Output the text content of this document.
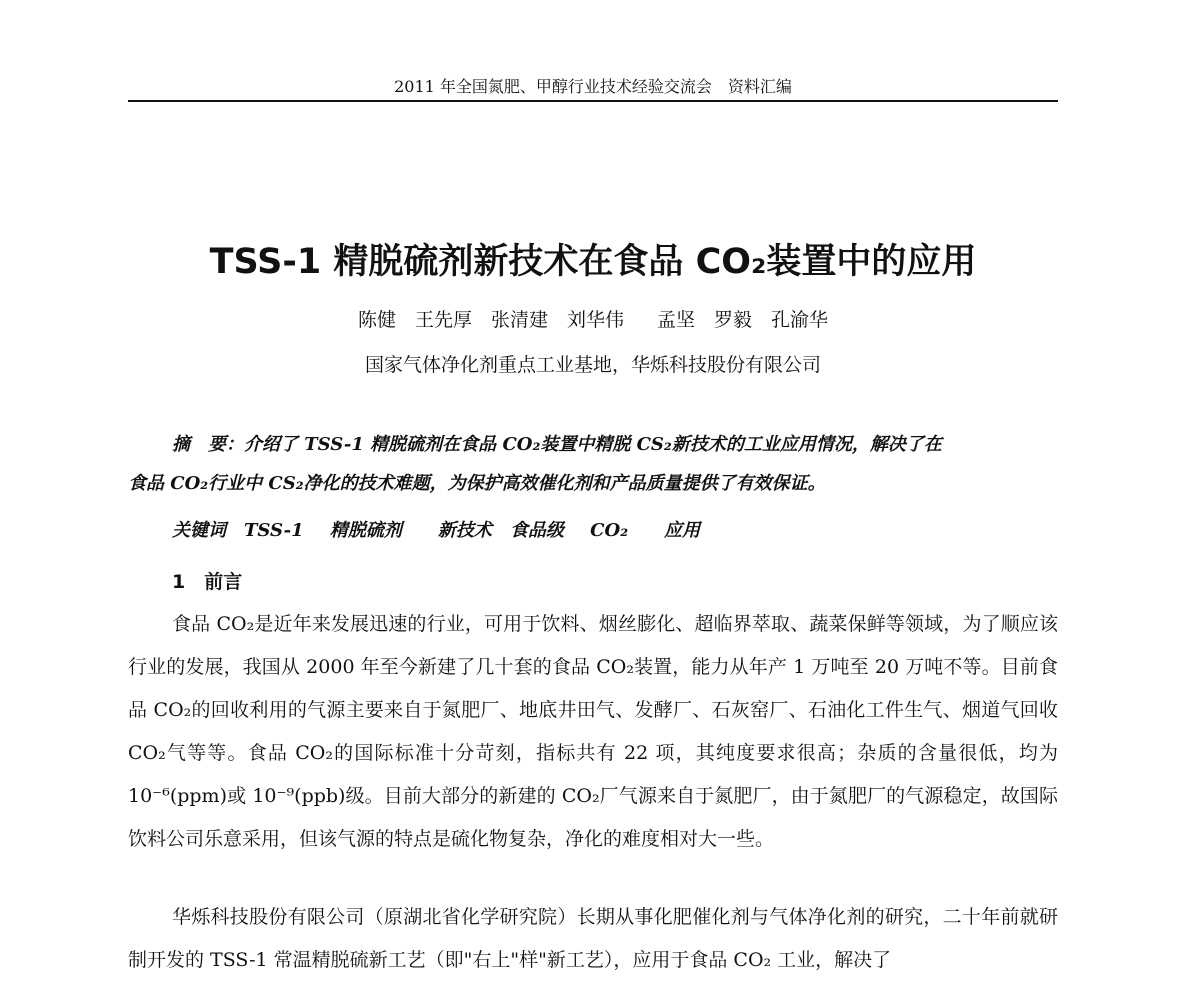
2011 年全国氮肥、甲醇行业技术经验交流会　资料汇编
TSS-1 精脱硫剂新技术在食品 CO₂装置中的应用
陈健　王先厚　张清建　刘华伟　 孟坚　罗毅　孔渝华
国家气体净化剂重点工业基地，华烁科技股份有限公司
摘　要：介绍了 TSS-1 精脱硫剂在食品 CO₂装置中精脱 CS₂新技术的工业应用情况，解决了在
食品 CO₂行业中 CS₂净化的技术难题，为保护高效催化剂和产品质量提供了有效保证。
关键词　TSS-1 精脱硫剂　　新技术　食品级 CO₂　　应用
1　前言
食品 CO₂是近年来发展迅速的行业，可用于饮料、烟丝膨化、超临界萃取、蔬菜保鲜等领域，为了顺应该行业的发展，我国从 2000 年至今新建了几十套的食品 CO₂装置，能力从年产 1 万吨至 20 万吨不等。目前食品 CO₂的回收利用的气源主要来自于氮肥厂、地底井田气、发酵厂、石灰窑厂、石油化工件生气、烟道气回收 CO₂气等等。食品 CO₂的国际标准十分苛刻，指标共有 22 项，其纯度要求很高；杂质的含量很低，均为 10⁻⁶(ppm)或 10⁻⁹(ppb)级。目前大部分的新建的 CO₂厂气源来自于氮肥厂，由于氮肥厂的气源稳定，故国际饮料公司乐意采用，但该气源的特点是硫化物复杂，净化的难度相对大一些。
华烁科技股份有限公司（原湖北省化学研究院）长期从事化肥催化剂与气体净化剂的研究，二十年前就研制开发的 TSS-1 常温精脱硫新工艺（即"右上"样"新工艺），应用于食品 CO₂ 工业，解决了
